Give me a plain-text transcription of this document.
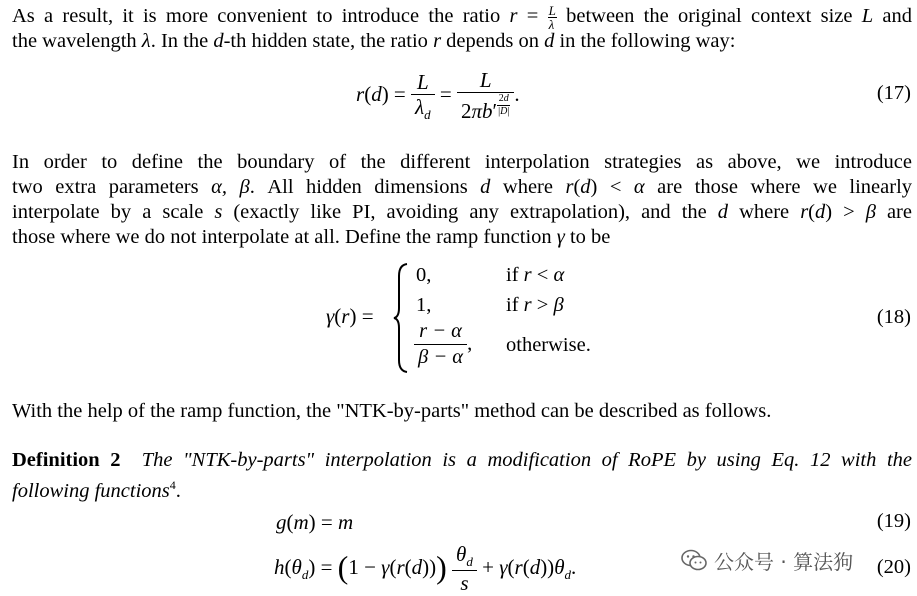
As a result, it is more convenient to introduce the ratio $r = \frac{L}{\lambda}$ between the original context size L and
the wavelength λ. In the d-th hidden state, the ratio r depends on d in the following way:
$r(d) = \frac{L}{\lambda_d} = L$
2πb′ $^{\frac{2d}{|D|}}$ .	(17)
In order to define the boundary of the different interpolation strategies as above, we introduce
two extra parameters α, β. All hidden dimensions d where r(d) < α are those where we linearly
interpolate by a scale s (exactly like PI, avoiding any extrapolation), and the d where r(d) > β are
those where we do not interpolate at all. Define the ramp function γ to be
γ(r) =
0,	if r < α
1,	if r > β
$\frac{r - \alpha}{\beta - \alpha}$ , otherwise.
(18)
With the help of the ramp function, the "NTK-by-parts" method can be described as follows.
Definition 2 The "NTK-by-parts" interpolation is a modification of RoPE by using Eq. 12 with the
following functions$^4$.
g(m) = m	(19)
$h(\theta_d) = (1 - \gamma(r(d))) \frac{\theta_d}{s} + \gamma(r(d))\theta_d$.	(20)
公众号 · 算法狗
